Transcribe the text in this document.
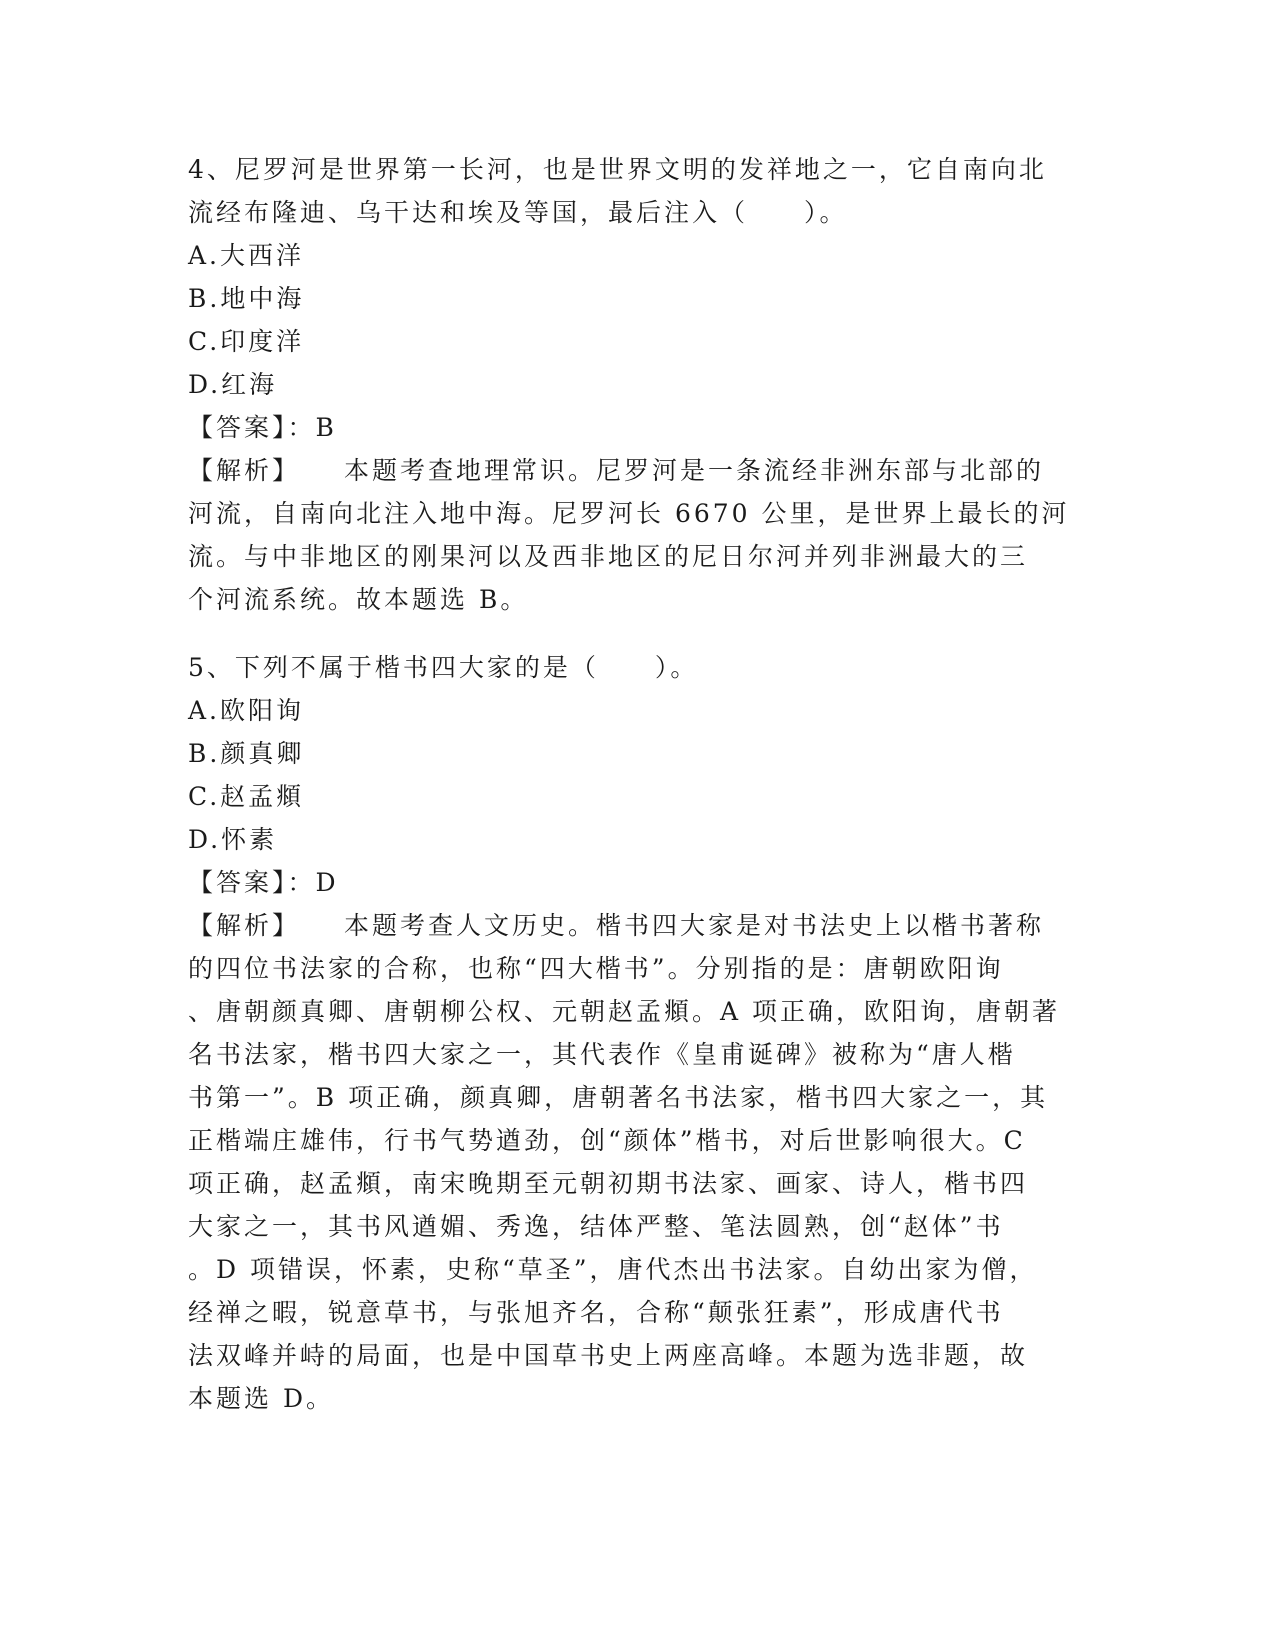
4、尼罗河是世界第一长河，也是世界文明的发祥地之一，它自南向北

流经布隆迪、乌干达和埃及等国，最后注入（　　）。

A.大西洋

B.地中海

C.印度洋

D.红海

【答案】：B

【解析】 本题考查地理常识。尼罗河是一条流经非洲东部与北部的

河流，自南向北注入地中海。尼罗河长 6670 公里，是世界上最长的河

流。与中非地区的刚果河以及西非地区的尼日尔河并列非洲最大的三

个河流系统。故本题选 B。

5、下列不属于楷书四大家的是（　　）。

A.欧阳询

B.颜真卿

C.赵孟頫

D.怀素

【答案】：D

【解析】 本题考查人文历史。楷书四大家是对书法史上以楷书著称

的四位书法家的合称，也称“四大楷书”。分别指的是：唐朝欧阳询

、唐朝颜真卿、唐朝柳公权、元朝赵孟頫。A 项正确，欧阳询，唐朝著

名书法家，楷书四大家之一，其代表作《皇甫诞碑》被称为“唐人楷

书第一”。B 项正确，颜真卿，唐朝著名书法家，楷书四大家之一，其

正楷端庄雄伟，行书气势遒劲，创“颜体”楷书，对后世影响很大。C

项正确，赵孟頫，南宋晚期至元朝初期书法家、画家、诗人，楷书四

大家之一，其书风遒媚、秀逸，结体严整、笔法圆熟，创“赵体”书

。D 项错误，怀素，史称“草圣”，唐代杰出书法家。自幼出家为僧，

经禅之暇，锐意草书，与张旭齐名，合称“颠张狂素”，形成唐代书

法双峰并峙的局面，也是中国草书史上两座高峰。本题为选非题，故

本题选 D。
